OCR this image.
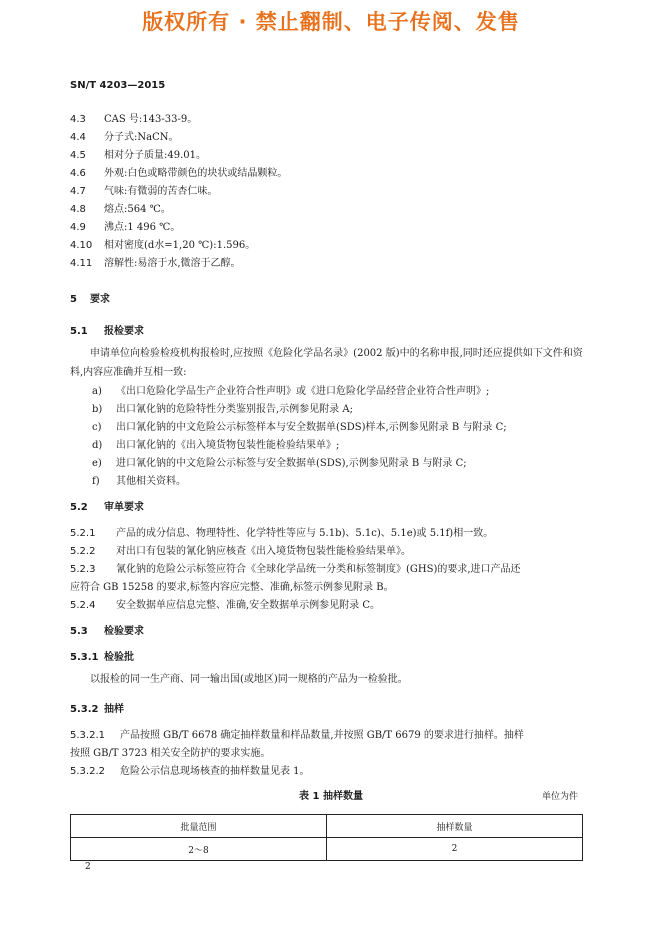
版权所有 · 禁止翻制、电子传阅、发售
SN/T 4203—2015
4.3 CAS 号:143-33-9。
4.4 分子式:NaCN。
4.5 相对分子质量:49.01。
4.6 外观:白色或略带颜色的块状或结晶颗粒。
4.7 气味:有微弱的苦杏仁味。
4.8 熔点:564 ℃。
4.9 沸点:1 496 ℃。
4.10 相对密度(d水=1,20 ℃):1.596。
4.11 溶解性:易溶于水,微溶于乙醇。
5 要求
5.1 报检要求
申请单位向检验检疫机构报检时,应按照《危险化学品名录》(2002 版)中的名称申报,同时还应提供如下文件和资料,内容应准确并互相一致:
a) 《出口危险化学品生产企业符合性声明》或《进口危险化学品经营企业符合性声明》;
b) 出口氰化钠的危险特性分类鉴别报告,示例参见附录 A;
c) 出口氰化钠的中文危险公示标签样本与安全数据单(SDS)样本,示例参见附录 B 与附录 C;
d) 出口氰化钠的《出入境货物包装性能检验结果单》;
e) 进口氰化钠的中文危险公示标签与安全数据单(SDS),示例参见附录 B 与附录 C;
f) 其他相关资料。
5.2 审单要求
5.2.1 产品的成分信息、物理特性、化学特性等应与 5.1b)、5.1c)、5.1e)或 5.1f)相一致。
5.2.2 对出口有包装的氰化钠应核查《出入境货物包装性能检验结果单》。
5.2.3 氰化钠的危险公示标签应符合《全球化学品统一分类和标签制度》(GHS)的要求,进口产品还
应符合 GB 15258 的要求,标签内容应完整、准确,标签示例参见附录 B。
5.2.4 安全数据单应信息完整、准确,安全数据单示例参见附录 C。
5.3 检验要求
5.3.1 检验批
以报检的同一生产商、同一输出国(或地区)同一规格的产品为一检验批。
5.3.2 抽样
5.3.2.1 产品按照 GB/T 6678 确定抽样数量和样品数量,并按照 GB/T 6679 的要求进行抽样。抽样
按照 GB/T 3723 相关安全防护的要求实施。
5.3.2.2 危险公示信息现场核查的抽样数量见表 1。
表 1 抽样数量	单位为件
批量范围	抽样数量
2～8	2
2
